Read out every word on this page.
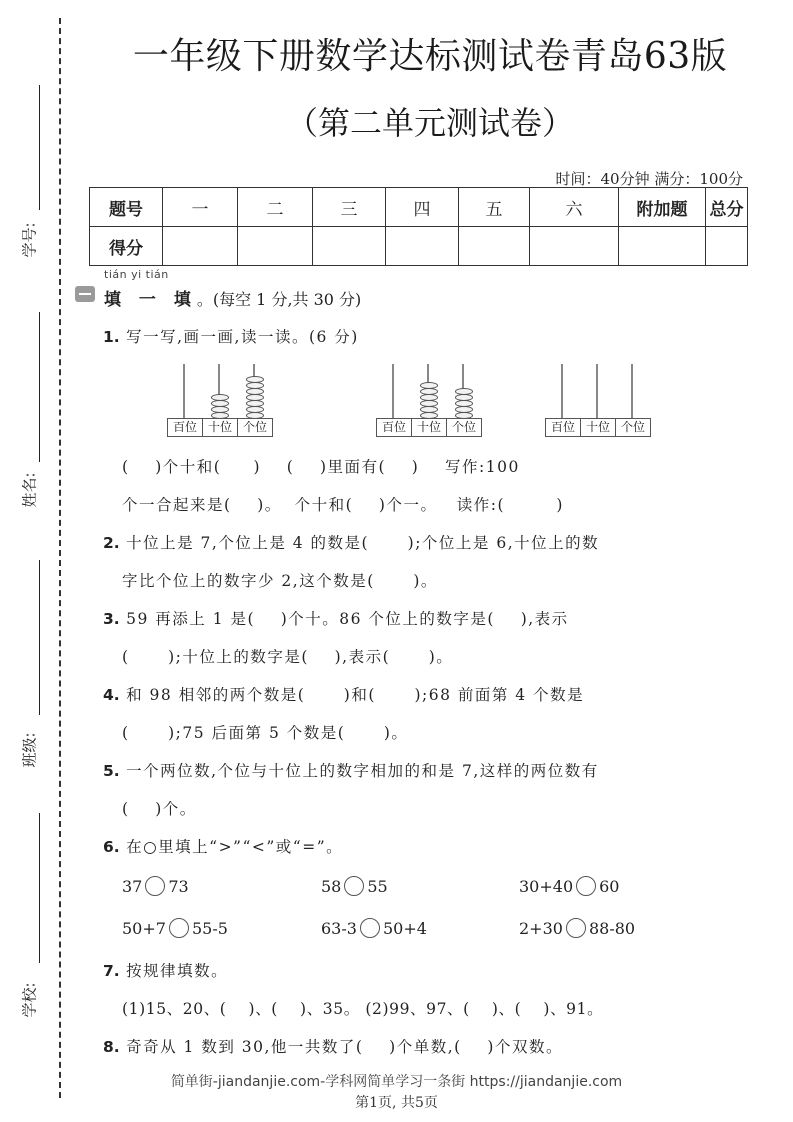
学号:
姓名:
班级:
学校:
一年级下册数学达标测试卷青岛63版
（第二单元测试卷）
时间：40分钟 满分：100分
题号	一	二	三	四	五	六	附加题	总分
得分								
tián yi tián
填 一 填。(每空 1 分,共 30 分)
1. 写一写,画一画,读一读。(6 分)
百位 十位 个位	百位 十位 个位	百位 十位 个位
(    )个十和(     )    (    )里面有(    )    写作:100
个一合起来是(    )。  个十和(    )个一。   读作:(        )
2. 十位上是 7,个位上是 4 的数是(      );个位上是 6,十位上的数
字比个位上的数字少 2,这个数是(      )。
3. 59 再添上 1 是(    )个十。86 个位上的数字是(    ),表示
(      );十位上的数字是(    ),表示(      )。
4. 和 98 相邻的两个数是(      )和(      );68 前面第 4 个数是
(      );75 后面第 5 个数是(      )。
5. 一个两位数,个位与十位上的数字相加的和是 7,这样的两位数有
(    )个。
6. 在○里填上“>”“<”或“=”。
37 73	58 55	30+40 60
50+7 55-5	63-3 50+4	2+30 88-80
7. 按规律填数。
(1)15、20、(    )、(    )、35。 (2)99、97、(    )、(    )、91。
8. 奇奇从 1 数到 30,他一共数了(    )个单数,(    )个双数。
简单街-jiandanjie.com-学科网简单学习一条街 https://jiandanjie.com
第1页, 共5页
